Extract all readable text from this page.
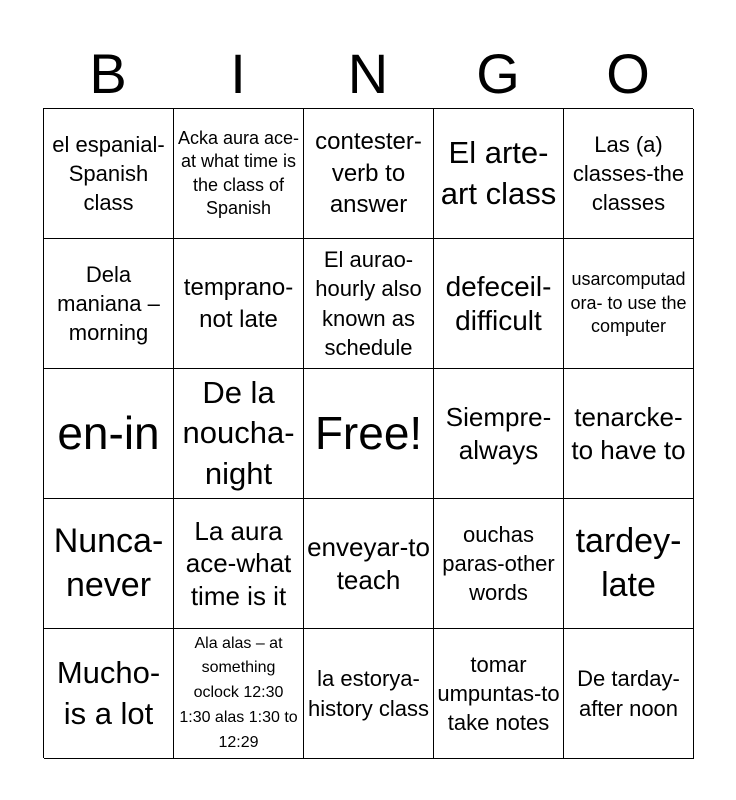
B	I	N	G	O
el espanial-Spanish class
Acka aura ace-at what time is the class of Spanish
contester-verb to answer
El arte-art class
Las (a) classes-the classes
Dela maniana – morning
temprano-not late
El aurao-hourly also known as schedule
defeceil-difficult
usarcomputadora- to use the computer
en-in
De la noucha-night
Free! Siempre-always
tenarcke-to have to
Nunca-never
La aura ace-what time is it
enveyar-to teach
ouchas paras-other words
tardey-late
Mucho-is a lot
Ala alas – at something oclock 12:30 1:30 alas 1:30 to 12:29
la estorya-history class
tomar umpuntas-to take notes
De tarday-after noon
